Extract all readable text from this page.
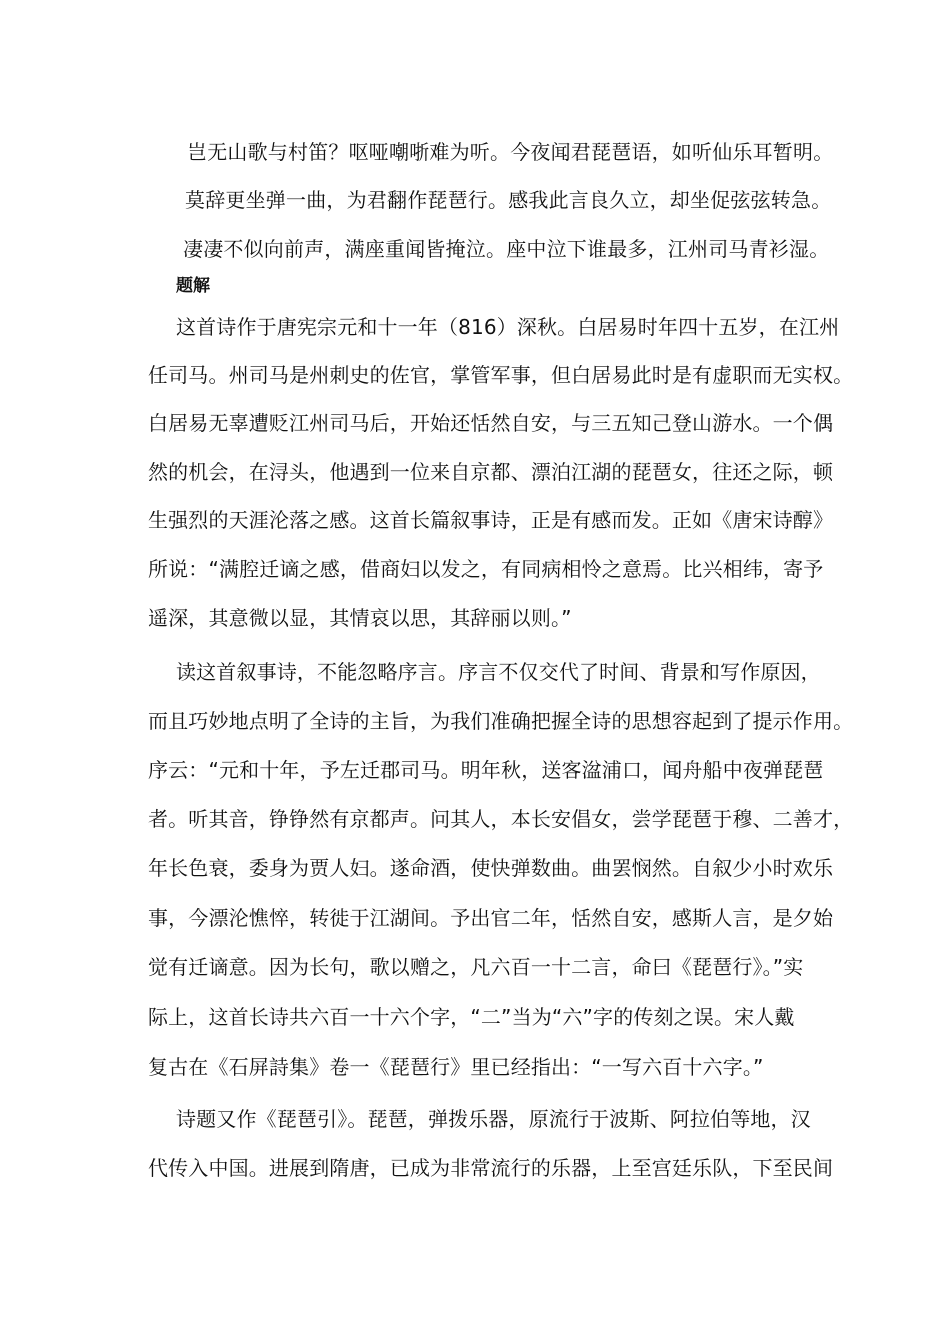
岂无山歌与村笛？呕哑嘲哳难为听。今夜闻君琵琶语，如听仙乐耳暂明。
莫辞更坐弹一曲，为君翻作琵琶行。感我此言良久立，却坐促弦弦转急。
凄凄不似向前声，满座重闻皆掩泣。座中泣下谁最多，江州司马青衫湿。
题解
这首诗作于唐宪宗元和十一年（816）深秋。白居易时年四十五岁，在江州
任司马。州司马是州刺史的佐官，掌管军事，但白居易此时是有虚职而无实权。
白居易无辜遭贬江州司马后，开始还恬然自安，与三五知己登山游水。一个偶
然的机会，在浔头，他遇到一位来自京都、漂泊江湖的琵琶女，往还之际，顿
生强烈的天涯沦落之感。这首长篇叙事诗，正是有感而发。正如《唐宋诗醇》
所说：“满腔迁谪之感，借商妇以发之，有同病相怜之意焉。比兴相纬，寄予
遥深，其意微以显，其情哀以思，其辞丽以则。”
读这首叙事诗，不能忽略序言。序言不仅交代了时间、背景和写作原因，
而且巧妙地点明了全诗的主旨，为我们准确把握全诗的思想容起到了提示作用。
序云：“元和十年，予左迁郡司马。明年秋，送客湓浦口，闻舟船中夜弹琵琶
者。听其音，铮铮然有京都声。问其人，本长安倡女，尝学琵琶于穆、二善才，
年长色衰，委身为贾人妇。遂命酒，使快弹数曲。曲罢悯然。自叙少小时欢乐
事，今漂沦憔悴，转徙于江湖间。予出官二年，恬然自安，感斯人言，是夕始
觉有迁谪意。因为长句，歌以赠之，凡六百一十二言，命曰《琵琶行》。”实
际上，这首长诗共六百一十六个字，“二”当为“六”字的传刻之误。宋人戴
复古在《石屏詩集》卷一《琵琶行》里已经指出：“一写六百十六字。”
诗题又作《琵琶引》。琵琶，弹拨乐器，原流行于波斯、阿拉伯等地，汉
代传入中国。进展到隋唐，已成为非常流行的乐器，上至宫廷乐队，下至民间
